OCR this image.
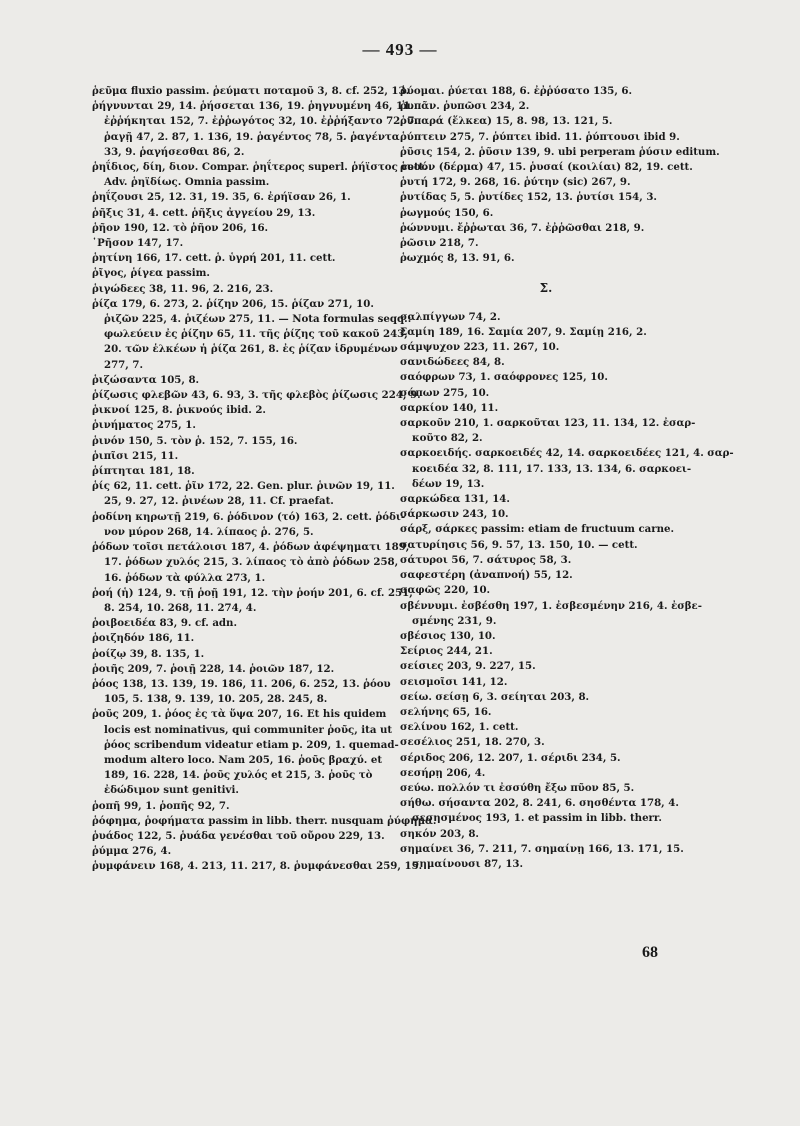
— 493 —
ῥεῦμα fluxio passim. ῥεύματι ποταμοῦ 3, 8. cf. 252, 13.
ῥήγνυνται 29, 14. ῥήσσεται 136, 19. ῥηγνυμένη 46, 11.
ἐῤῥήκηται 152, 7. ἐῤῥωγότος 32, 10. ἐῤῥήξαντο 72, 7.
ῥαγῇ 47, 2. 87, 1. 136, 19. ῥαγέντος 78, 5. ῥαγέντα
33, 9. ῥαγήσεσθαι 86, 2.
ῥηΐδιος, δίη, διον. Compar. ῥηΐτερος superl. ῥήϊστος cett.
Adv. ῥηϊδίως. Omnia passim.
ῥηΐζουσι 25, 12. 31, 19. 35, 6. ἐρήϊσαν 26, 1.
ῥῆξις 31, 4. cett. ῥῆξις ἀγγείου 29, 13.
ῥῆον 190, 12. τὸ ῥῆον 206, 16.
῾Ρῆσον 147, 17.
ῥητίνη 166, 17. cett. ῥ. ὑγρή 201, 11. cett.
ῥῖγος, ῥίγεα passim.
ῥιγώδεες 38, 11. 96, 2. 216, 23.
ῥίζα 179, 6. 273, 2. ῥίζην 206, 15. ῥίζαν 271, 10.
ῥιζῶν 225, 4. ῥιζέων 275, 11. — Nota formulas seqq.:
φωλεύειν ἐς ῥίζην 65, 11. τῆς ῥίζης τοῦ κακοῦ 243,
20. τῶν ἑλκέων ἡ ῥίζα 261, 8. ἐς ῥίζαν ἱδρυμένων
277, 7.
ῥιζώσαντα 105, 8.
ῥίζωσις φλεβῶν 43, 6. 93, 3. τῆς φλεβὸς ῥίζωσις 224, 9.
ῥικνοί 125, 8. ῥικνούς ibid. 2.
ῥινήματος 275, 1.
ῥινόν 150, 5. τὸν ῥ. 152, 7. 155, 16.
ῥιπῖσι 215, 11.
ῥίπτηται 181, 18.
ῥίς 62, 11. cett. ῥῖν 172, 22. Gen. plur. ῥινῶν 19, 11.
25, 9. 27, 12. ῥινέων 28, 11. Cf. praefat.
ῥοδίνη κηρωτῇ 219, 6. ῥόδινον (τό) 163, 2. cett. ῥόδι-
νον μύρον 268, 14. λίπαος ῥ. 276, 5.
ῥόδων τοῖσι πετάλοισι 187, 4. ῥόδων ἀφέψηματι 189,
17. ῥόδων χυλός 215, 3. λίπαος τὸ ἀπὸ ῥόδων 258,
16. ῥόδων τὰ φύλλα 273, 1.
ῥοή (ἡ) 124, 9. τῇ ῥοῇ 191, 12. τὴν ῥοήν 201, 6. cf. 251,
8. 254, 10. 268, 11. 274, 4.
ῥοιβοειδέα 83, 9. cf. adn.
ῥοιζηδόν 186, 11.
ῥοίζῳ 39, 8. 135, 1.
ῥοιῆς 209, 7. ῥοιῇ 228, 14. ῥοιῶν 187, 12.
ῥόος 138, 13. 139, 19. 186, 11. 206, 6. 252, 13. ῥόου
105, 5. 138, 9. 139, 10. 205, 28. 245, 8.
ῥοῦς 209, 1. ῥόος ἐς τὰ ὕψα 207, 16. Et his quidem
locis est nominativus, qui communiter ῥοῦς, ita ut
ῥόος scribendum videatur etiam p. 209, 1. quemad-
modum altero loco. Nam 205, 16. ῥοῦς βραχύ. et
189, 16. 228, 14. ῥοῦς χυλός et 215, 3. ῥοῦς τὸ
ἐδώδιμον sunt genitivi.
ῥοπῆ 99, 1. ῥοπῆς 92, 7.
ῥόφημα, ῥοφήματα passim in libb. therr. nusquam ῥύφημα.
ῥυάδος 122, 5. ῥυάδα γενέσθαι τοῦ οὔρου 229, 13.
ῥύμμα 276, 4.
ῥυμφάνειν 168, 4. 213, 11. 217, 8. ῥυμφάνεσθαι 259, 15.
ῥύομαι. ῥύεται 188, 6. ἐῤῥύσατο 135, 6.
ῥυπᾶν. ῥυπῶσι 234, 2.
ῥυπαρά (ἕλκεα) 15, 8. 98, 13. 121, 5.
ῥύπτειν 275, 7. ῥύπτει ibid. 11. ῥύπτουσι ibid 9.
ῥῦσις 154, 2. ῥῦσιν 139, 9. ubi perperam ῥύσιν editum.
ῥυσόν (δέρμα) 47, 15. ῥυσαί (κοιλίαι) 82, 19. cett.
ῥυτή 172, 9. 268, 16. ῥύτην (sic) 267, 9.
ῥυτίδας 5, 5. ῥυτίδες 152, 13. ῥυτίσι 154, 3.
ῥωγμούς 150, 6.
ῥώννυμι. ἔῤῥωται 36, 7. ἐῤῥῶσθαι 218, 9.
ῥῶσιν 218, 7.
ῥωχμός 8, 13. 91, 6.
Σ.
σαλπίγγων 74, 2.
Σαμίη 189, 16. Σαμία 207, 9. Σαμίῃ 216, 2.
σάμψυχον 223, 11. 267, 10.
σανιδώδεες 84, 8.
σαόφρων 73, 1. σαόφρονες 125, 10.
σάπων 275, 10.
σαρκίον 140, 11.
σαρκοῦν 210, 1. σαρκοῦται 123, 11. 134, 12. ἐσαρ-
κοῦτο 82, 2.
σαρκοειδής. σαρκοειδές 42, 14. σαρκοειδέες 121, 4. σαρ-
κοειδέα 32, 8. 111, 17. 133, 13. 134, 6. σαρκοει-
δέων 19, 13.
σαρκώδεα 131, 14.
σάρκωσιν 243, 10.
σάρξ, σάρκες passim: etiam de fructuum carne.
σατυρίησις 56, 9. 57, 13. 150, 10. — cett.
σάτυροι 56, 7. σάτυρος 58, 3.
σαφεστέρη (ἀναπνοή) 55, 12.
σαφῶς 220, 10.
σβέννυμι. ἐσβέσθη 197, 1. ἐσβεσμένην 216, 4. ἐσβε-
σμένης 231, 9.
σβέσιος 130, 10.
Σείριος 244, 21.
σείσιες 203, 9. 227, 15.
σεισμοῖσι 141, 12.
σείω. σείσῃ 6, 3. σείηται 203, 8.
σελήνης 65, 16.
σελίνου 162, 1. cett.
σεσέλιος 251, 18. 270, 3.
σέριδος 206, 12. 207, 1. σέριδι 234, 5.
σεσήρῃ 206, 4.
σεύω. πολλόν τι ἐσσύθη ἔξω πῦον 85, 5.
σήθω. σήσαντα 202, 8. 241, 6. σησθέντα 178, 4.
σεσησμένος 193, 1. et passim in libb. therr.
σηκόν 203, 8.
σημαίνει 36, 7. 211, 7. σημαίνῃ 166, 13. 171, 15.
σημαίνουσι 87, 13.
68
